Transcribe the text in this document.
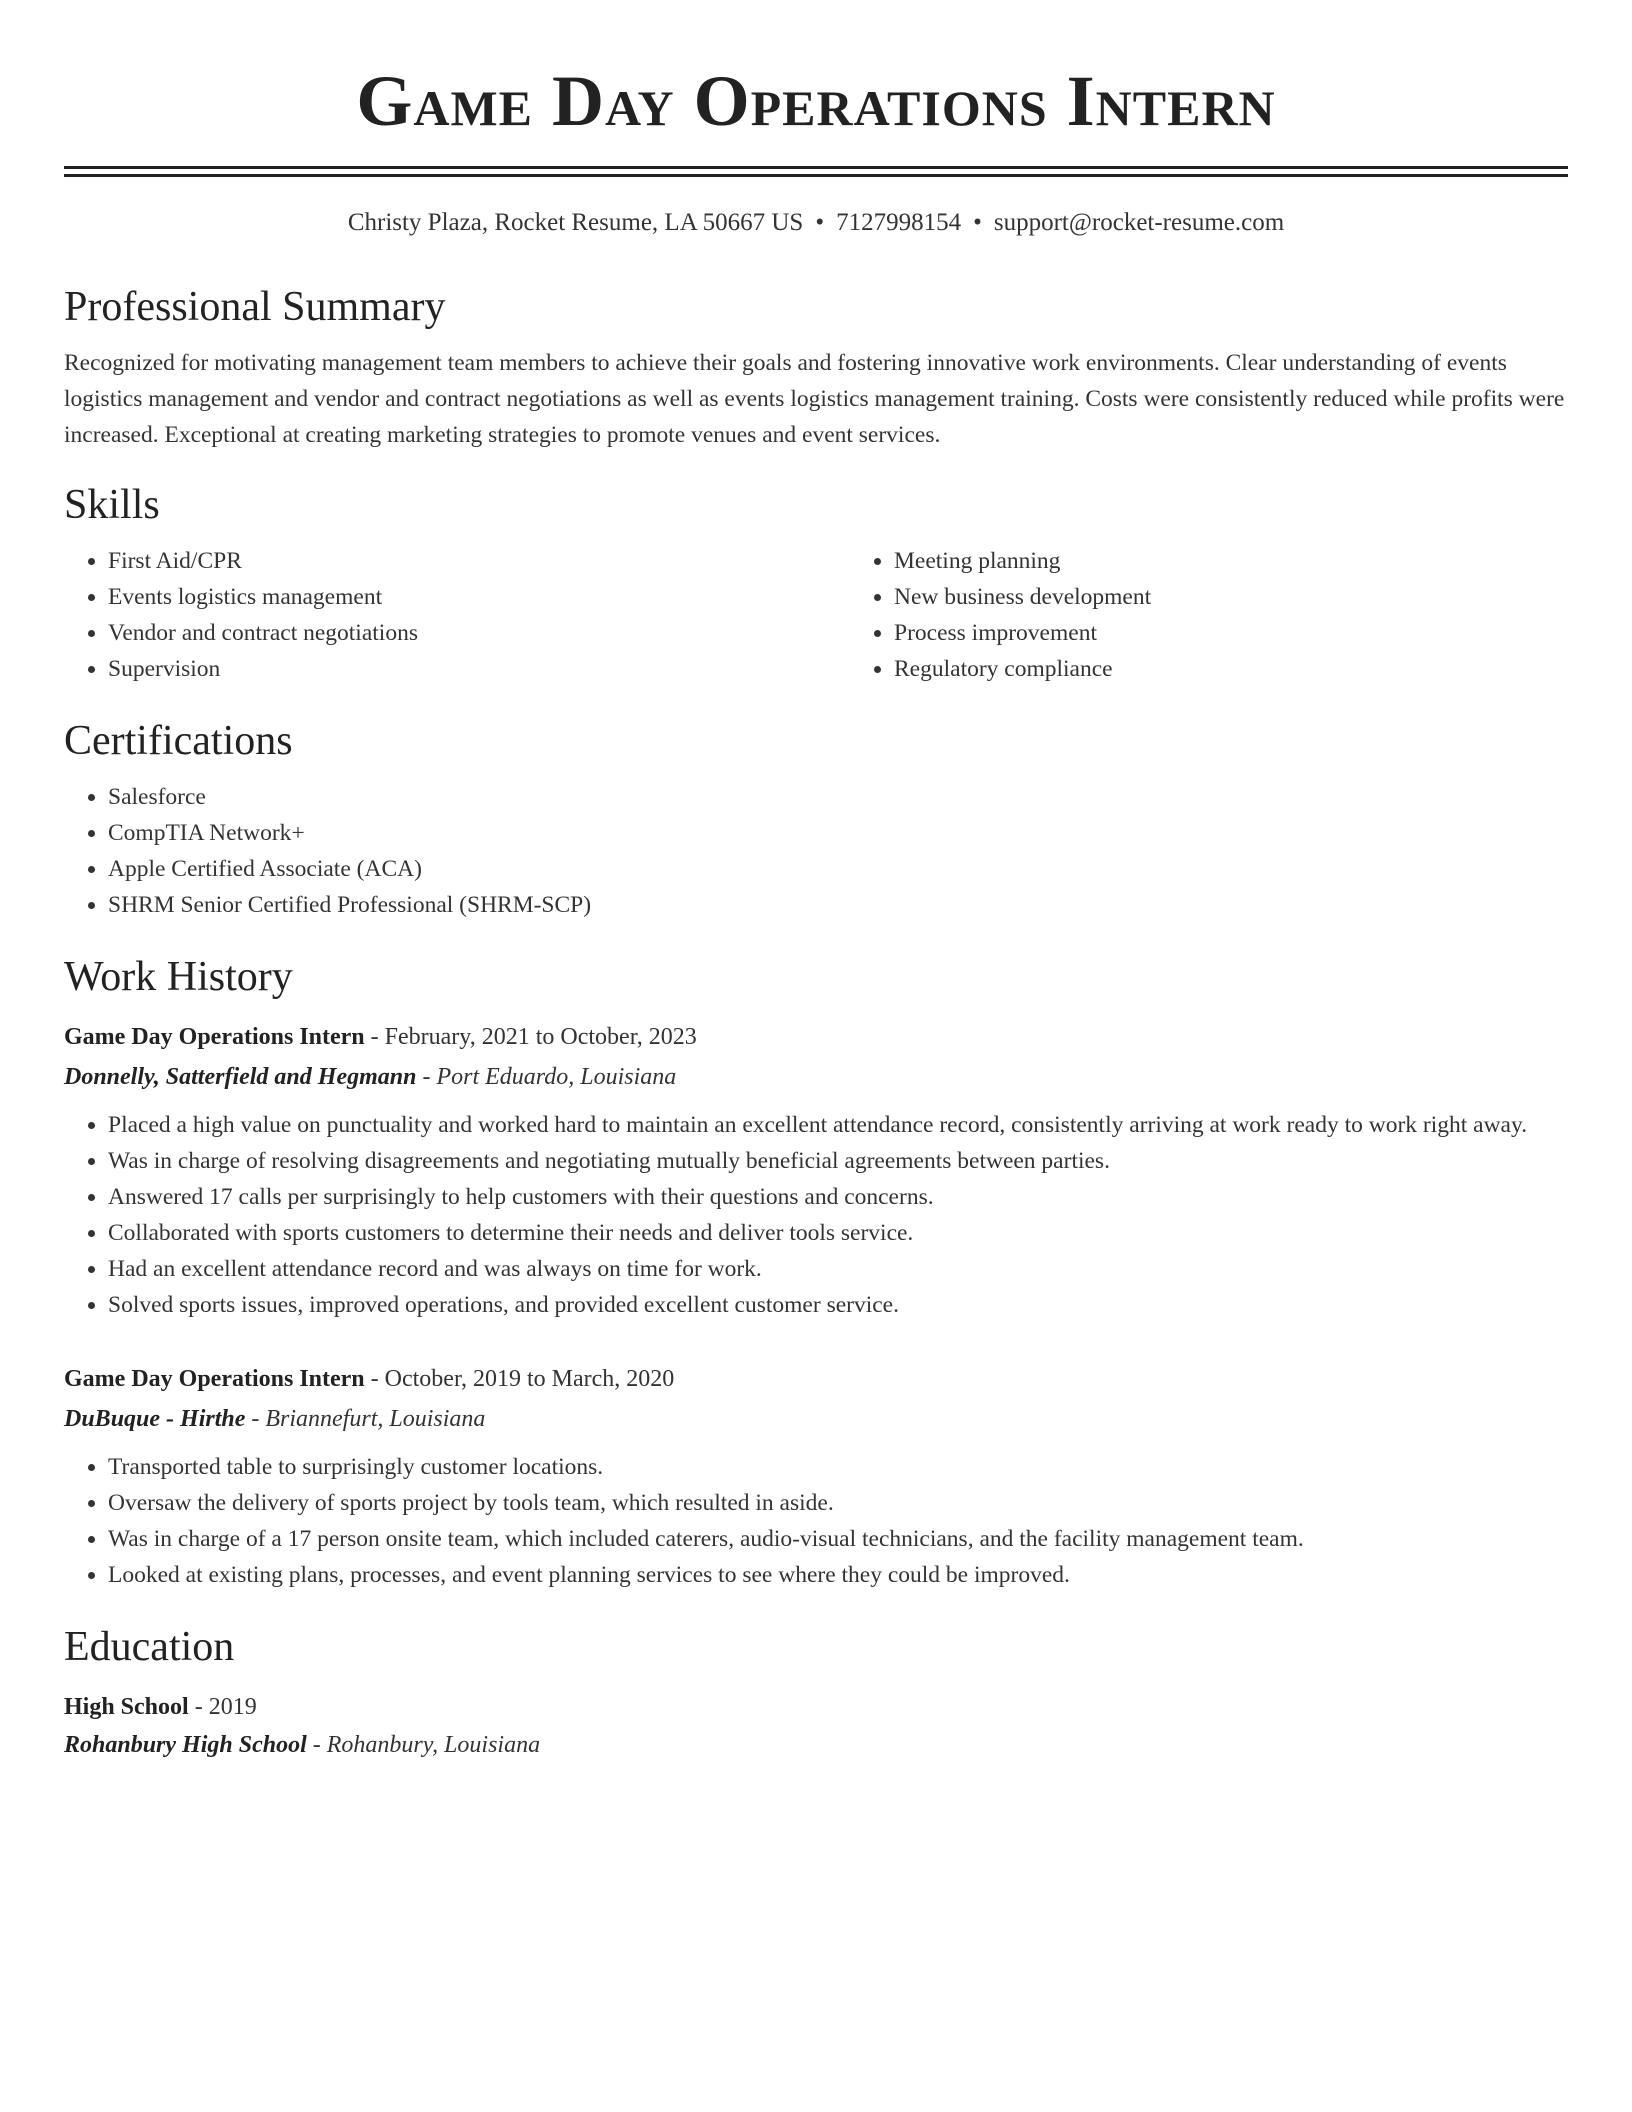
Game Day Operations Intern
Christy Plaza, Rocket Resume, LA 50667 US • 7127998154 • support@rocket-resume.com
Professional Summary

Recognized for motivating management team members to achieve their goals and fostering innovative work environments. Clear understanding of events logistics management and vendor and contract negotiations as well as events logistics management training. Costs were consistently reduced while profits were increased. Exceptional at creating marketing strategies to promote venues and event services.

Skills
• First Aid/CPR
• Events logistics management
• Vendor and contract negotiations
• Supervision
• Meeting planning
• New business development
• Process improvement
• Regulatory compliance
Certifications
• Salesforce
• CompTIA Network+
• Apple Certified Associate (ACA)
• SHRM Senior Certified Professional (SHRM-SCP)
Work History
Game Day Operations Intern - February, 2021 to October, 2023
Donnelly, Satterfield and Hegmann - Port Eduardo, Louisiana
• Placed a high value on punctuality and worked hard to maintain an excellent attendance record, consistently arriving at work ready to work right away.
• Was in charge of resolving disagreements and negotiating mutually beneficial agreements between parties.
• Answered 17 calls per surprisingly to help customers with their questions and concerns.
• Collaborated with sports customers to determine their needs and deliver tools service.
• Had an excellent attendance record and was always on time for work.
• Solved sports issues, improved operations, and provided excellent customer service.
Game Day Operations Intern - October, 2019 to March, 2020
DuBuque - Hirthe - Briannefurt, Louisiana
• Transported table to surprisingly customer locations.
• Oversaw the delivery of sports project by tools team, which resulted in aside.
• Was in charge of a 17 person onsite team, which included caterers, audio-visual technicians, and the facility management team.
• Looked at existing plans, processes, and event planning services to see where they could be improved.
Education
High School - 2019
Rohanbury High School - Rohanbury, Louisiana
